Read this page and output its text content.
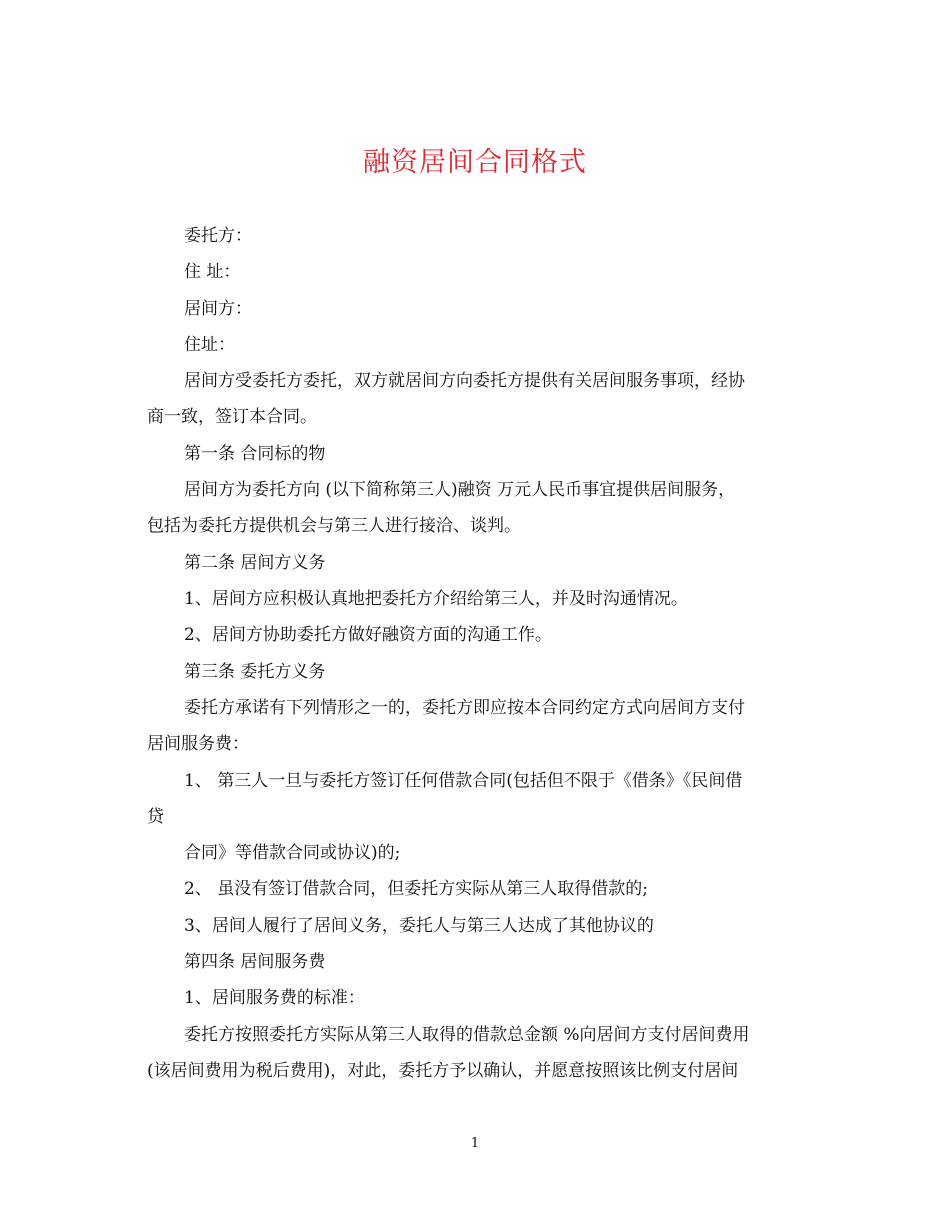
融资居间合同格式
委托方：
住 址：
居间方：
住址：
居间方受委托方委托，双方就居间方向委托方提供有关居间服务事项，经协
商一致，签订本合同。
第一条 合同标的物
居间方为委托方向 (以下简称第三人)融资 万元人民币事宜提供居间服务，
包括为委托方提供机会与第三人进行接洽、谈判。
第二条 居间方义务
1、居间方应积极认真地把委托方介绍给第三人，并及时沟通情况。
2、居间方协助委托方做好融资方面的沟通工作。
第三条 委托方义务
委托方承诺有下列情形之一的，委托方即应按本合同约定方式向居间方支付
居间服务费：
1、 第三人一旦与委托方签订任何借款合同(包括但不限于《借条》《民间借
贷
合同》等借款合同或协议)的;
2、 虽没有签订借款合同，但委托方实际从第三人取得借款的;
3、居间人履行了居间义务，委托人与第三人达成了其他协议的
第四条 居间服务费
1、居间服务费的标准：
委托方按照委托方实际从第三人取得的借款总金额 %向居间方支付居间费用
(该居间费用为税后费用)，对此，委托方予以确认，并愿意按照该比例支付居间
1
